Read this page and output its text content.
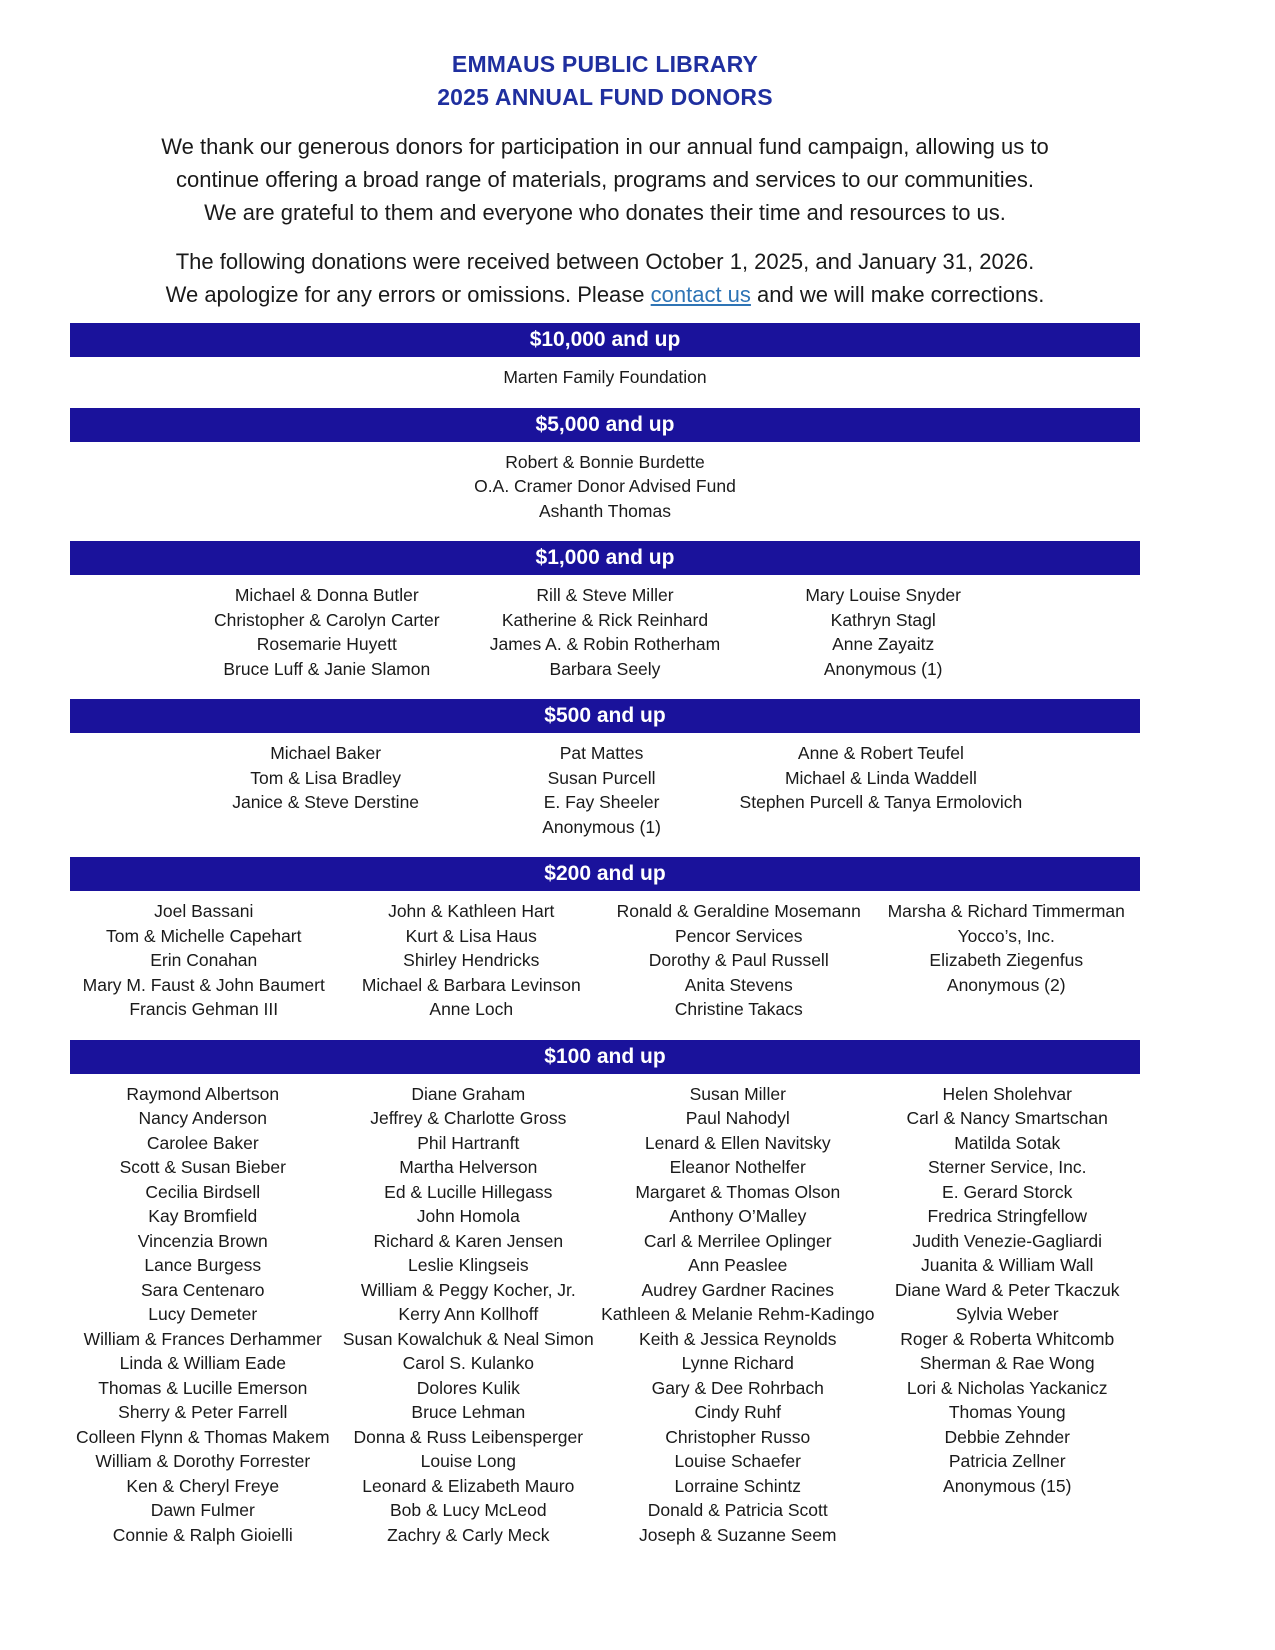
EMMAUS PUBLIC LIBRARY
2025 ANNUAL FUND DONORS
We thank our generous donors for participation in our annual fund campaign, allowing us to
continue offering a broad range of materials, programs and services to our communities.
We are grateful to them and everyone who donates their time and resources to us.
The following donations were received between October 1, 2025, and January 31, 2026.
We apologize for any errors or omissions. Please contact us and we will make corrections.
$10,000 and up
Marten Family Foundation
$5,000 and up
Robert & Bonnie Burdette
O.A. Cramer Donor Advised Fund
Ashanth Thomas
$1,000 and up
Michael & Donna Butler
Christopher & Carolyn Carter
Rosemarie Huyett
Bruce Luff & Janie Slamon
Rill & Steve Miller
Katherine & Rick Reinhard
James A. & Robin Rotherham
Barbara Seely
Mary Louise Snyder
Kathryn Stagl
Anne Zayaitz
Anonymous (1)
$500 and up
Michael Baker
Tom & Lisa Bradley
Janice & Steve Derstine
Pat Mattes
Susan Purcell
E. Fay Sheeler
Anonymous (1)
Anne & Robert Teufel
Michael & Linda Waddell
Stephen Purcell & Tanya Ermolovich
$200 and up
Joel Bassani
Tom & Michelle Capehart
Erin Conahan
Mary M. Faust & John Baumert
Francis Gehman III
John & Kathleen Hart
Kurt & Lisa Haus
Shirley Hendricks
Michael & Barbara Levinson
Anne Loch
Ronald & Geraldine Mosemann
Pencor Services
Dorothy & Paul Russell
Anita Stevens
Christine Takacs
Marsha & Richard Timmerman
Yocco’s, Inc.
Elizabeth Ziegenfus
Anonymous (2)
$100 and up
Raymond Albertson
Nancy Anderson
Carolee Baker
Scott & Susan Bieber
Cecilia Birdsell
Kay Bromfield
Vincenzia Brown
Lance Burgess
Sara Centenaro
Lucy Demeter
William & Frances Derhammer
Linda & William Eade
Thomas & Lucille Emerson
Sherry & Peter Farrell
Colleen Flynn & Thomas Makem
William & Dorothy Forrester
Ken & Cheryl Freye
Dawn Fulmer
Connie & Ralph Gioielli
Diane Graham
Jeffrey & Charlotte Gross
Phil Hartranft
Martha Helverson
Ed & Lucille Hillegass
John Homola
Richard & Karen Jensen
Leslie Klingseis
William & Peggy Kocher, Jr.
Kerry Ann Kollhoff
Susan Kowalchuk & Neal Simon
Carol S. Kulanko
Dolores Kulik
Bruce Lehman
Donna & Russ Leibensperger
Louise Long
Leonard & Elizabeth Mauro
Bob & Lucy McLeod
Zachry & Carly Meck
Susan Miller
Paul Nahodyl
Lenard & Ellen Navitsky
Eleanor Nothelfer
Margaret & Thomas Olson
Anthony O’Malley
Carl & Merrilee Oplinger
Ann Peaslee
Audrey Gardner Racines
Kathleen & Melanie Rehm-Kadingo
Keith & Jessica Reynolds
Lynne Richard
Gary & Dee Rohrbach
Cindy Ruhf
Christopher Russo
Louise Schaefer
Lorraine Schintz
Donald & Patricia Scott
Joseph & Suzanne Seem
Helen Sholehvar
Carl & Nancy Smartschan
Matilda Sotak
Sterner Service, Inc.
E. Gerard Storck
Fredrica Stringfellow
Judith Venezie-Gagliardi
Juanita & William Wall
Diane Ward & Peter Tkaczuk
Sylvia Weber
Roger & Roberta Whitcomb
Sherman & Rae Wong
Lori & Nicholas Yackanicz
Thomas Young
Debbie Zehnder
Patricia Zellner
Anonymous (15)
